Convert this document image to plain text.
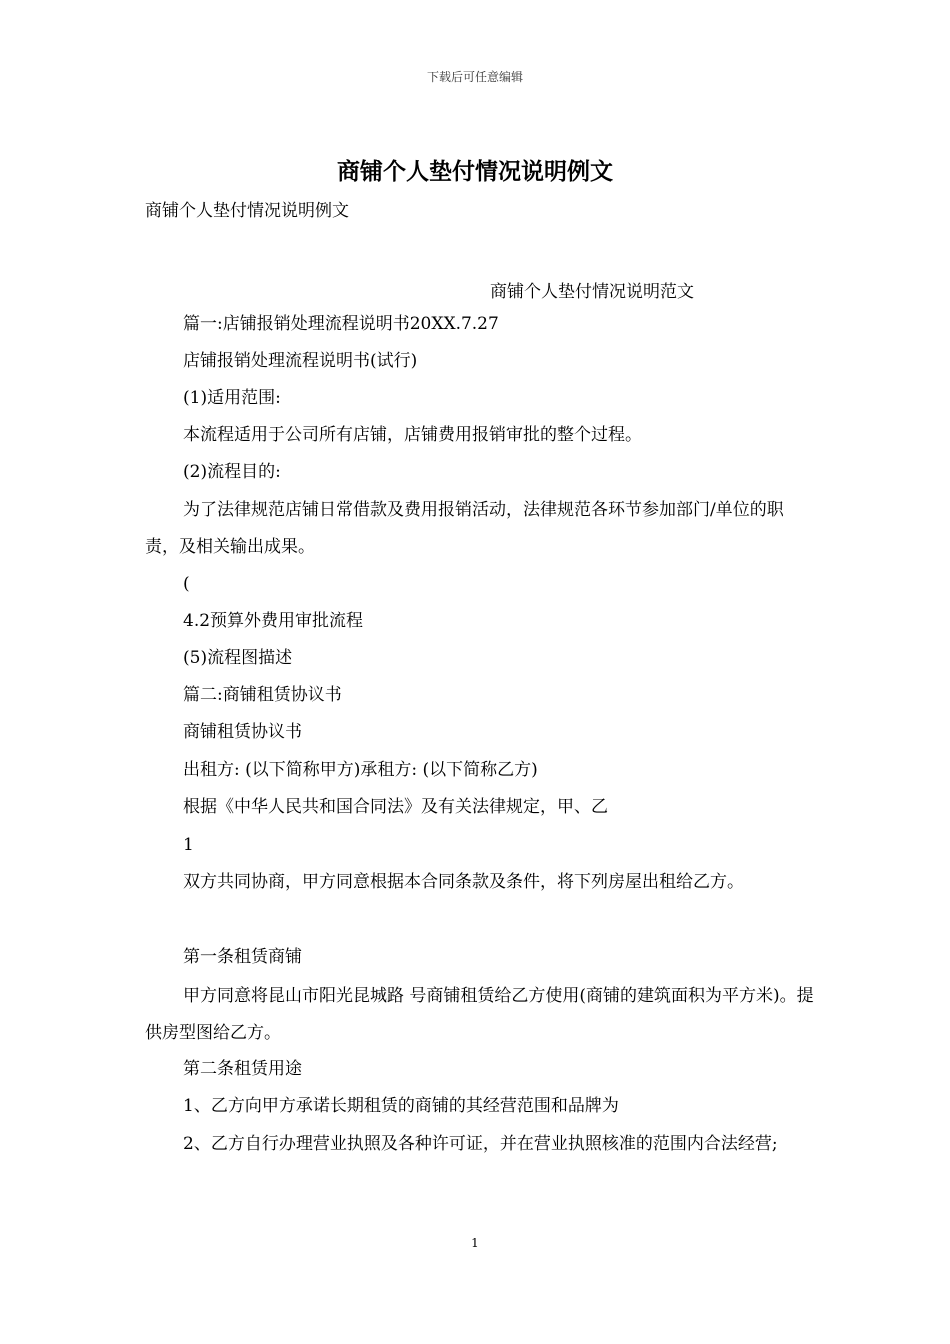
下载后可任意编辑
商铺个人垫付情况说明例文
商铺个人垫付情况说明例文
商铺个人垫付情况说明范文
篇一:店铺报销处理流程说明书20XX.7.27
店铺报销处理流程说明书(试行)
(1)适用范围:
本流程适用于公司所有店铺，店铺费用报销审批的整个过程。
(2)流程目的:
为了法律规范店铺日常借款及费用报销活动，法律规范各环节参加部门/单位的职责，及相关输出成果。
(
4.2预算外费用审批流程
(5)流程图描述
篇二:商铺租赁协议书
商铺租赁协议书
出租方: (以下简称甲方)承租方: (以下简称乙方)
根据《中华人民共和国合同法》及有关法律规定，甲、乙
1
双方共同协商，甲方同意根据本合同条款及条件，将下列房屋出租给乙方。
第一条租赁商铺
甲方同意将昆山市阳光昆城路 号商铺租赁给乙方使用(商铺的建筑面积为平方米)。提供房型图给乙方。
第二条租赁用途
1、乙方向甲方承诺长期租赁的商铺的其经营范围和品牌为
2、乙方自行办理营业执照及各种许可证，并在营业执照核准的范围内合法经营;
1
